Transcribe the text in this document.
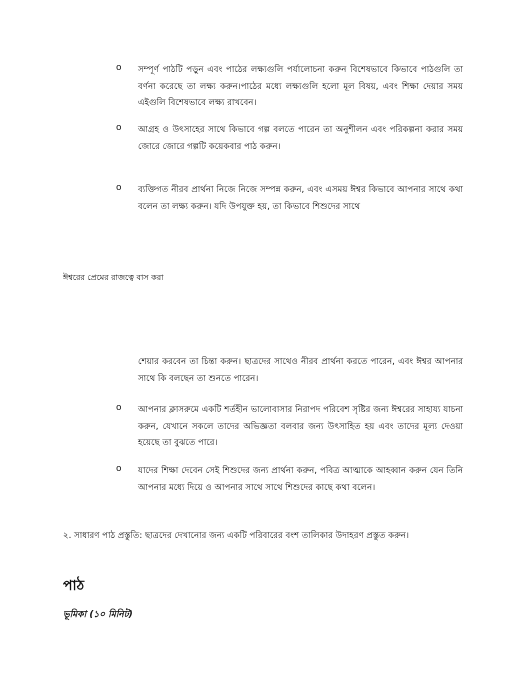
o সম্পূর্ণ পাঠটি পড়ুন এবং পাঠের লক্ষ্যগুলি পর্যালোচনা করুন বিশেষভাবে কিভাবে পাঠগুলি তা বর্ণনা করেছে তা লক্ষ্য করুন।পাঠের মধ্যে লক্ষ্যগুলি হলো মূল বিষয়, এবং শিক্ষা দেয়ার সময় এইগুলি বিশেষভাবে লক্ষ্য রাখবেন।
o আগ্রহ ও উৎসাহের সাথে কিভাবে গল্প বলতে পারেন তা অনুশীলন এবং পরিকল্পনা করার সময় জোরে জোরে গল্পটি কয়েকবার পাঠ করুন।
o ব্যক্তিগত নীরব প্রার্থনা নিজে নিজে সম্পন্ন করুন, এবং এসময় ঈশ্বর কিভাবে আপনার সাথে কথা বলেন তা লক্ষ্য করুন। যদি উপযুক্ত হয়, তা কিভাবে শিশুদের সাথে
ঈশ্বরের প্রেমের রাজত্বে বাস করা
শেয়ার করবেন তা চিন্তা করুন। ছাত্রদের সাথেও নীরব প্রার্থনা করতে পারেন, এবং ঈশ্বর আপনার সাথে কি বলছেন তা শুনতে পারেন।
o আপনার ক্লাসরুমে একটি শর্তহীন ভালোবাসার নিরাপদ পরিবেশ সৃষ্টির জন্য ঈশ্বরের সাহায্য যাচনা করুন, যেখানে সকলে তাদের অভিজ্ঞতা বলবার জন্য উৎসাহিত হয় এবং তাদের মূল্য দেওয়া হয়েছে তা বুঝতে পারে।
o যাদের শিক্ষা দেবেন সেই শিশুদের জন্য প্রার্থনা করুন, পবিত্র আত্মাকে আহব্বান করুন যেন তিনি আপনার মধ্যে দিয়ে ও আপনার সাথে সাথে শিশুদের কাছে কথা বলেন।
২. সাধারণ পাঠ প্রস্তুতি: ছাত্রদের দেখানোর জন্য একটি পরিবারের বংশ তালিকার উদাহরণ প্রস্তুত করুন।
পাঠ
ভূমিকা (১০ মিনিট)
